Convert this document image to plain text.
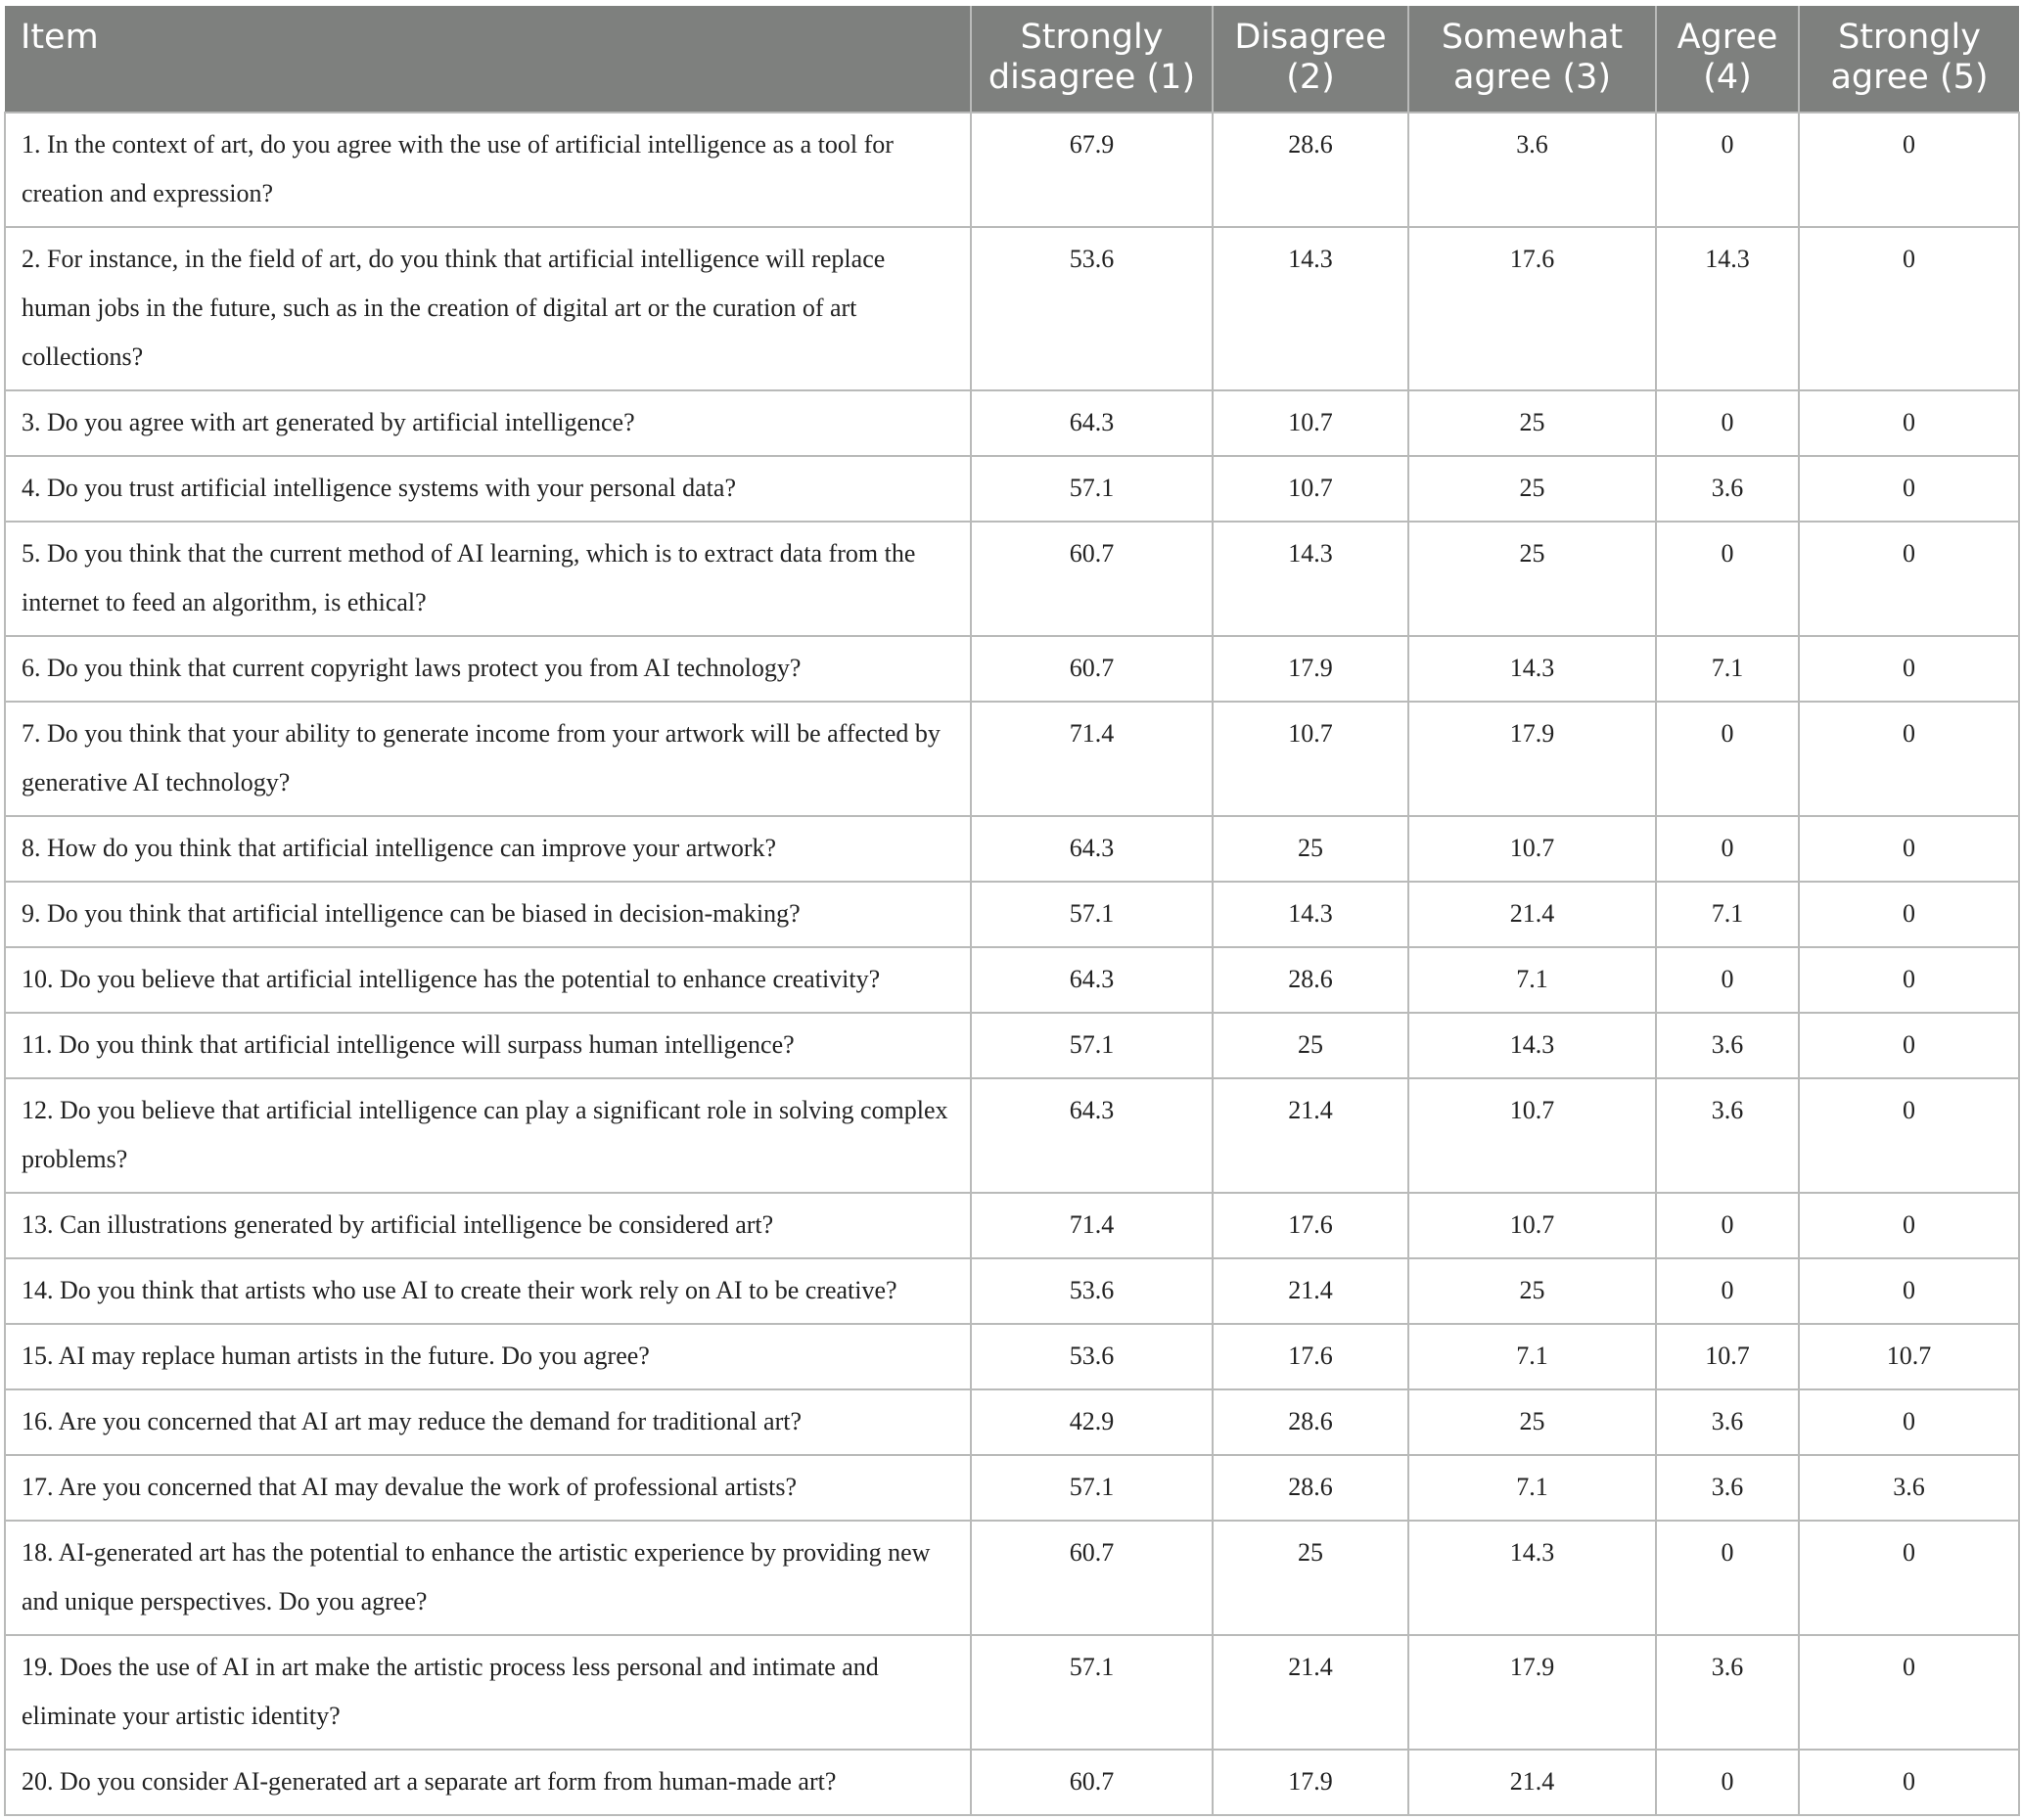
Item	Strongly disagree (1)	Disagree (2)	Somewhat agree (3)	Agree (4)	Strongly agree (5)
1. In the context of art, do you agree with the use of artificial intelligence as a tool for creation and expression?	67.9	28.6	3.6	0	0
2. For instance, in the field of art, do you think that artificial intelligence will replace human jobs in the future, such as in the creation of digital art or the curation of art collections?	53.6	14.3	17.6	14.3	0
3. Do you agree with art generated by artificial intelligence?	64.3	10.7	25	0	0
4. Do you trust artificial intelligence systems with your personal data?	57.1	10.7	25	3.6	0
5. Do you think that the current method of AI learning, which is to extract data from the internet to feed an algorithm, is ethical?	60.7	14.3	25	0	0
6. Do you think that current copyright laws protect you from AI technology?	60.7	17.9	14.3	7.1	0
7. Do you think that your ability to generate income from your artwork will be affected by generative AI technology?	71.4	10.7	17.9	0	0
8. How do you think that artificial intelligence can improve your artwork?	64.3	25	10.7	0	0
9. Do you think that artificial intelligence can be biased in decision-making?	57.1	14.3	21.4	7.1	0
10. Do you believe that artificial intelligence has the potential to enhance creativity?	64.3	28.6	7.1	0	0
11. Do you think that artificial intelligence will surpass human intelligence?	57.1	25	14.3	3.6	0
12. Do you believe that artificial intelligence can play a significant role in solving complex problems?	64.3	21.4	10.7	3.6	0
13. Can illustrations generated by artificial intelligence be considered art?	71.4	17.6	10.7	0	0
14. Do you think that artists who use AI to create their work rely on AI to be creative?	53.6	21.4	25	0	0
15. AI may replace human artists in the future. Do you agree?	53.6	17.6	7.1	10.7	10.7
16. Are you concerned that AI art may reduce the demand for traditional art?	42.9	28.6	25	3.6	0
17. Are you concerned that AI may devalue the work of professional artists?	57.1	28.6	7.1	3.6	3.6
18. AI-generated art has the potential to enhance the artistic experience by providing new and unique perspectives. Do you agree?	60.7	25	14.3	0	0
19. Does the use of AI in art make the artistic process less personal and intimate and eliminate your artistic identity?	57.1	21.4	17.9	3.6	0
20. Do you consider AI-generated art a separate art form from human-made art?	60.7	17.9	21.4	0	0
